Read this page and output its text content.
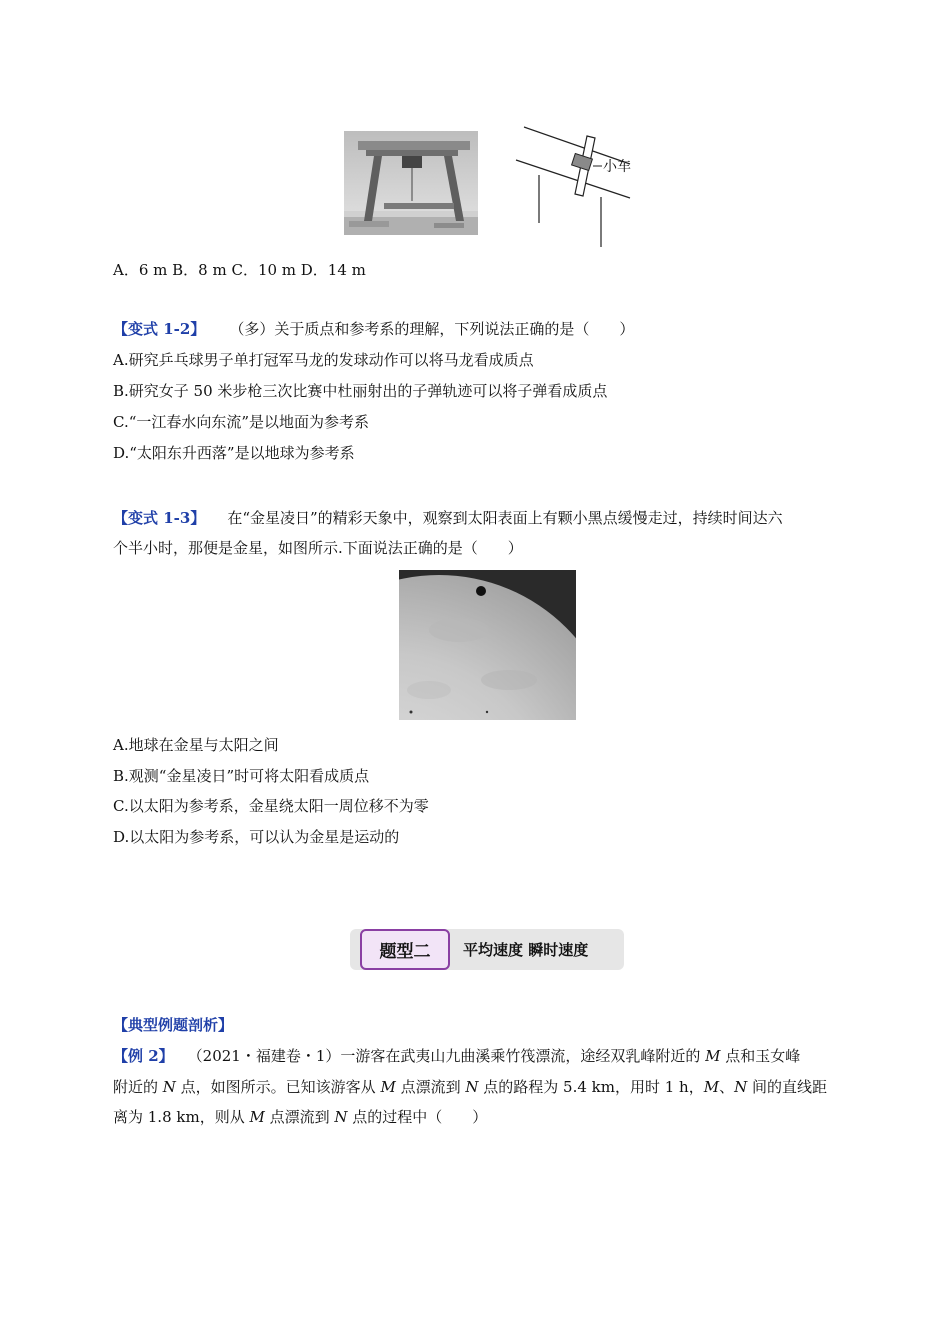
小车
A．6 m B．8 m C．10 m D．14 m
【变式 1-2】 （多）关于质点和参考系的理解，下列说法正确的是（　　）
A.研究乒乓球男子单打冠军马龙的发球动作可以将马龙看成质点
B.研究女子 50 米步枪三次比赛中杜丽射出的子弹轨迹可以将子弹看成质点
C.“一江春水向东流”是以地面为参考系
D.“太阳东升西落”是以地球为参考系
【变式 1-3】 在“金星凌日”的精彩天象中，观察到太阳表面上有颗小黑点缓慢走过，持续时间达六
个半小时，那便是金星，如图所示.下面说法正确的是（　　）
A.地球在金星与太阳之间
B.观测“金星凌日”时可将太阳看成质点
C.以太阳为参考系，金星绕太阳一周位移不为零
D.以太阳为参考系，可以认为金星是运动的
题型二	平均速度 瞬时速度
【典型例题剖析】
【例 2】 （2021・福建卷・1）一游客在武夷山九曲溪乘竹筏漂流，途经双乳峰附近的 M 点和玉女峰
附近的 N 点，如图所示。已知该游客从 M 点漂流到 N 点的路程为 5.4 km，用时 1 h，M、N 间的直线距
离为 1.8 km，则从 M 点漂流到 N 点的过程中（　　）
